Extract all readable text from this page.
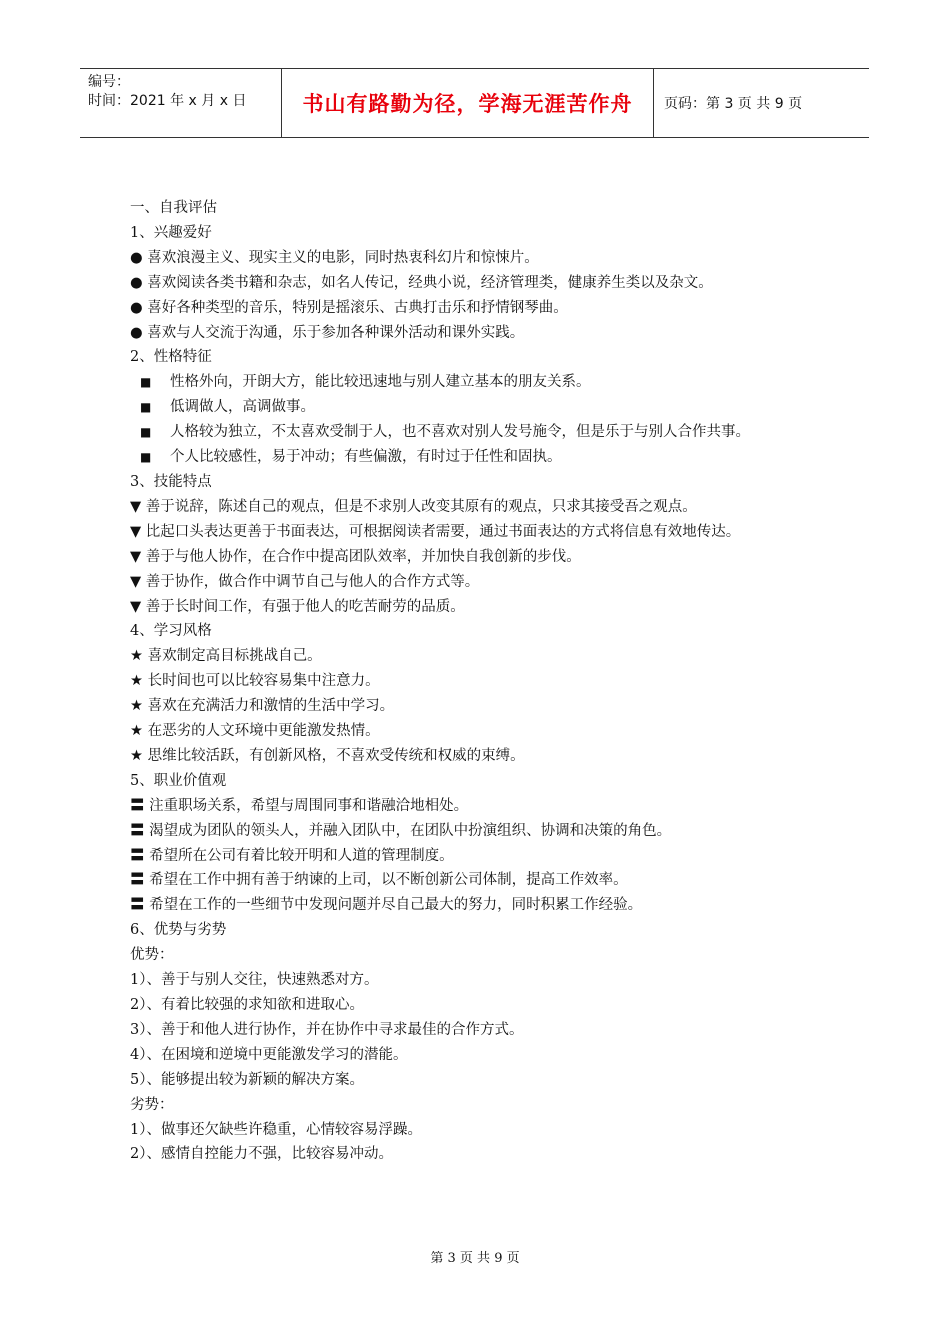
编号：
时间：2021 年 x 月 x 日	书山有路勤为径，学海无涯苦作舟	页码：第 3 页 共 9 页
一、自我评估
1、兴趣爱好
● 喜欢浪漫主义、现实主义的电影，同时热衷科幻片和惊悚片。
● 喜欢阅读各类书籍和杂志，如名人传记，经典小说，经济管理类，健康养生类以及杂文。
● 喜好各种类型的音乐，特别是摇滚乐、古典打击乐和抒情钢琴曲。
● 喜欢与人交流于沟通，乐于参加各种课外活动和课外实践。
2、性格特征
■	性格外向，开朗大方，能比较迅速地与别人建立基本的朋友关系。
■	低调做人，高调做事。
■	人格较为独立，不太喜欢受制于人，也不喜欢对别人发号施令，但是乐于与别人合作共事。
■	个人比较感性，易于冲动；有些偏激，有时过于任性和固执。
3、技能特点
▼ 善于说辞，陈述自己的观点，但是不求别人改变其原有的观点，只求其接受吾之观点。
▼ 比起口头表达更善于书面表达，可根据阅读者需要，通过书面表达的方式将信息有效地传达。
▼ 善于与他人协作，在合作中提高团队效率，并加快自我创新的步伐。
▼ 善于协作，做合作中调节自己与他人的合作方式等。
▼ 善于长时间工作，有强于他人的吃苦耐劳的品质。
4、学习风格
★ 喜欢制定高目标挑战自己。
★ 长时间也可以比较容易集中注意力。
★ 喜欢在充满活力和激情的生活中学习。
★ 在恶劣的人文环境中更能激发热情。
★ 思维比较活跃，有创新风格，不喜欢受传统和权威的束缚。
5、职业价值观
〓 注重职场关系，希望与周围同事和谐融洽地相处。
〓 渴望成为团队的领头人，并融入团队中，在团队中扮演组织、协调和决策的角色。
〓 希望所在公司有着比较开明和人道的管理制度。
〓 希望在工作中拥有善于纳谏的上司，以不断创新公司体制，提高工作效率。
〓 希望在工作的一些细节中发现问题并尽自己最大的努力，同时积累工作经验。
6、优势与劣势
优势：
1）、善于与别人交往，快速熟悉对方。
2）、有着比较强的求知欲和进取心。
3）、善于和他人进行协作，并在协作中寻求最佳的合作方式。
4）、在困境和逆境中更能激发学习的潜能。
5）、能够提出较为新颖的解决方案。
劣势：
1）、做事还欠缺些许稳重，心情较容易浮躁。
2）、感情自控能力不强，比较容易冲动。
第 3 页 共 9 页
